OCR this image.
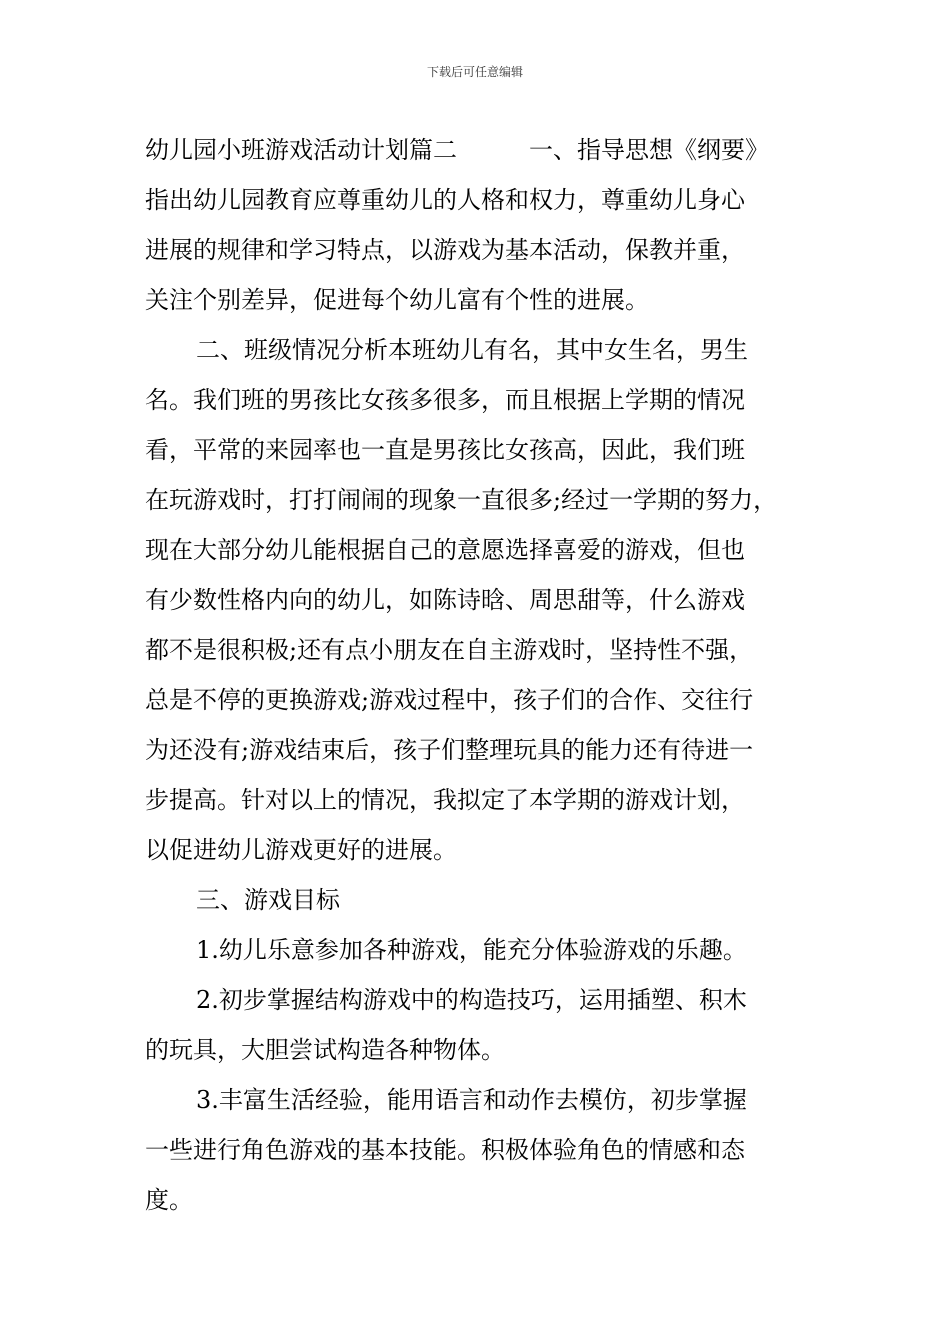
下载后可任意编辑
幼儿园小班游戏活动计划篇二　　　一、指导思想《纲要》
指出幼儿园教育应尊重幼儿的人格和权力，尊重幼儿身心
进展的规律和学习特点，以游戏为基本活动，保教并重，
关注个别差异，促进每个幼儿富有个性的进展。
二、班级情况分析本班幼儿有名，其中女生名，男生
名。我们班的男孩比女孩多很多，而且根据上学期的情况
看，平常的来园率也一直是男孩比女孩高，因此，我们班
在玩游戏时，打打闹闹的现象一直很多;经过一学期的努力，
现在大部分幼儿能根据自己的意愿选择喜爱的游戏，但也
有少数性格内向的幼儿，如陈诗晗、周思甜等，什么游戏
都不是很积极;还有点小朋友在自主游戏时，坚持性不强，
总是不停的更换游戏;游戏过程中，孩子们的合作、交往行
为还没有;游戏结束后，孩子们整理玩具的能力还有待进一
步提高。针对以上的情况，我拟定了本学期的游戏计划，
以促进幼儿游戏更好的进展。
三、游戏目标
1.幼儿乐意参加各种游戏，能充分体验游戏的乐趣。
2.初步掌握结构游戏中的构造技巧，运用插塑、积木
的玩具，大胆尝试构造各种物体。
3.丰富生活经验，能用语言和动作去模仿，初步掌握
一些进行角色游戏的基本技能。积极体验角色的情感和态
度。
